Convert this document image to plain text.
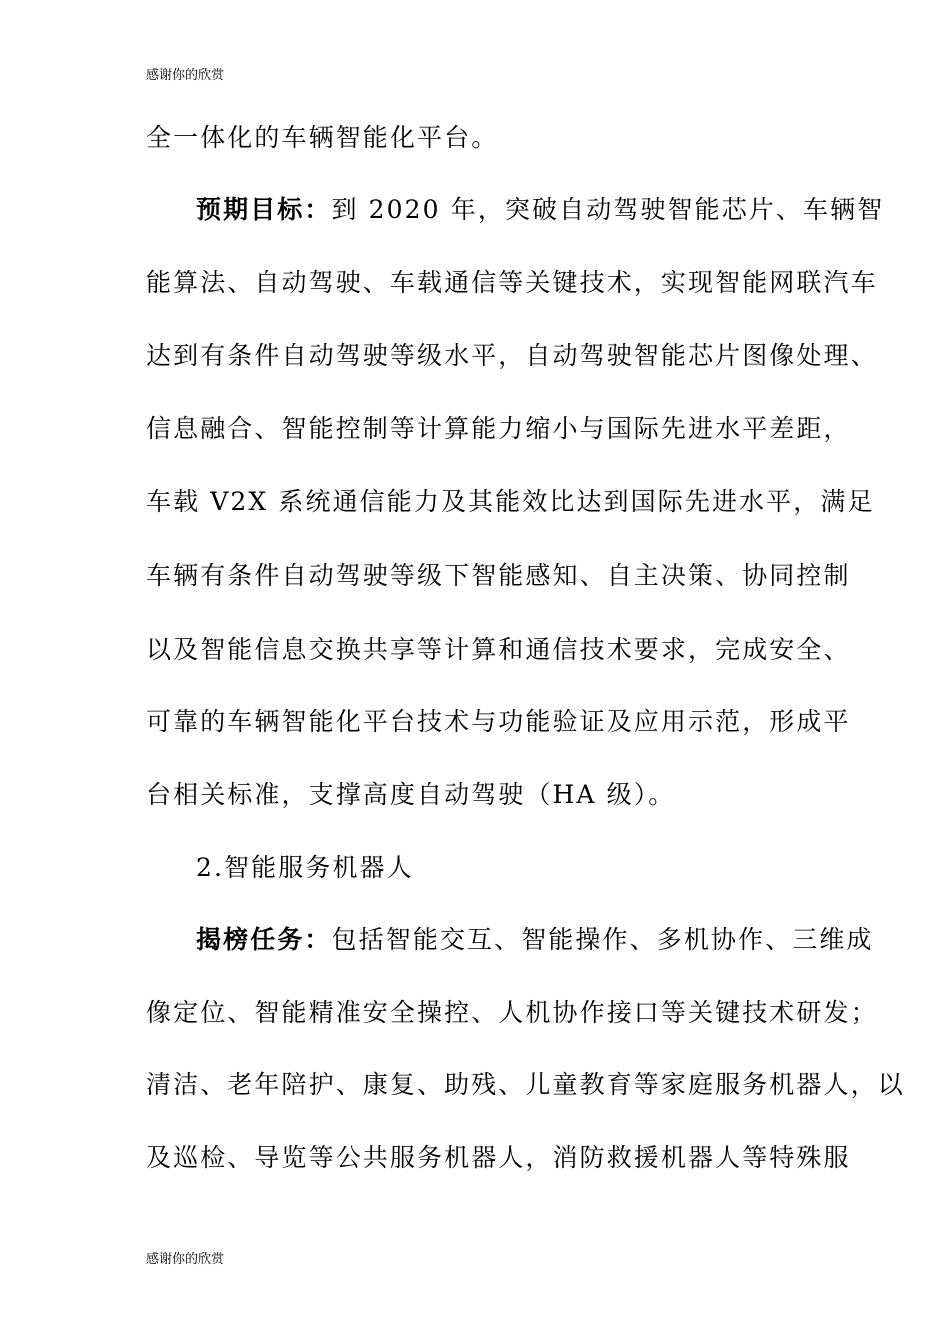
感谢你的欣赏
全一体化的车辆智能化平台。
预期目标：到 2020 年，突破自动驾驶智能芯片、车辆智
能算法、自动驾驶、车载通信等关键技术，实现智能网联汽车
达到有条件自动驾驶等级水平，自动驾驶智能芯片图像处理、
信息融合、智能控制等计算能力缩小与国际先进水平差距，
车载 V2X 系统通信能力及其能效比达到国际先进水平，满足
车辆有条件自动驾驶等级下智能感知、自主决策、协同控制
以及智能信息交换共享等计算和通信技术要求，完成安全、
可靠的车辆智能化平台技术与功能验证及应用示范，形成平
台相关标准，支撑高度自动驾驶（HA 级）。
2.智能服务机器人
揭榜任务：包括智能交互、智能操作、多机协作、三维成
像定位、智能精准安全操控、人机协作接口等关键技术研发；
清洁、老年陪护、康复、助残、儿童教育等家庭服务机器人，以
及巡检、导览等公共服务机器人，消防救援机器人等特殊服
感谢你的欣赏
